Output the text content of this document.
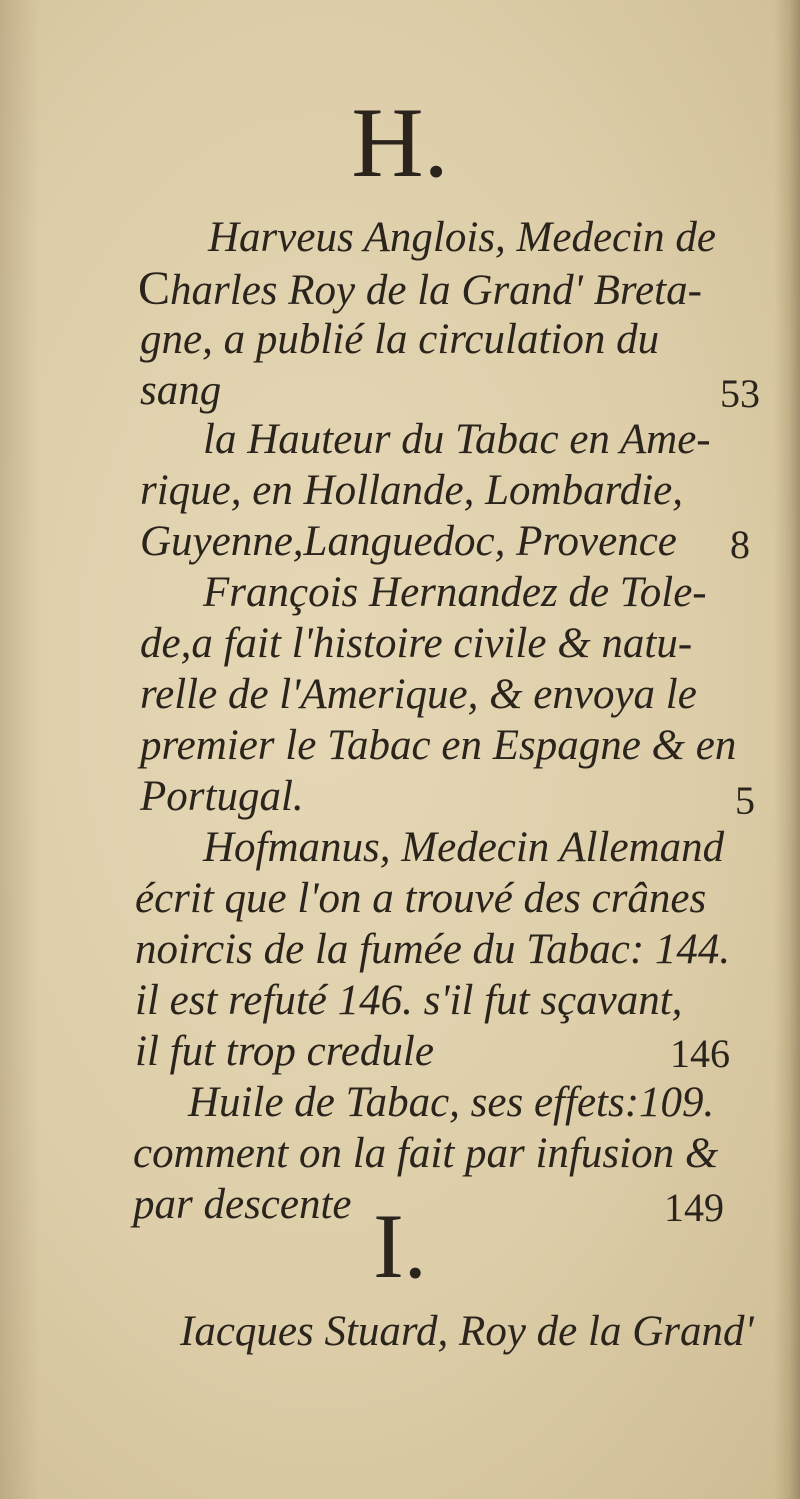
H.

Harveus Anglois, Medecin de

Charles Roy de la Grand' Breta-

gne, a publié la circulation du

sang	53

la Hauteur du Tabac en Ame-

rique, en Hollande, Lombardie,

Guyenne,Languedoc, Provence 8

François Hernandez de Tole-

de,a fait l'histoire civile & natu-

relle de l'Amerique, & envoya le

premier le Tabac en Espagne & en

Portugal.	5

Hofmanus, Medecin Allemand

écrit que l'on a trouvé des crânes

noircis de la fumée du Tabac: 144.

il est refuté 146. s'il fut sçavant,

il fut trop credule	146

Huile de Tabac, ses effets:109.

comment on la fait par infusion &

par descente	149

I.

Iacques Stuard, Roy de la Grand'
